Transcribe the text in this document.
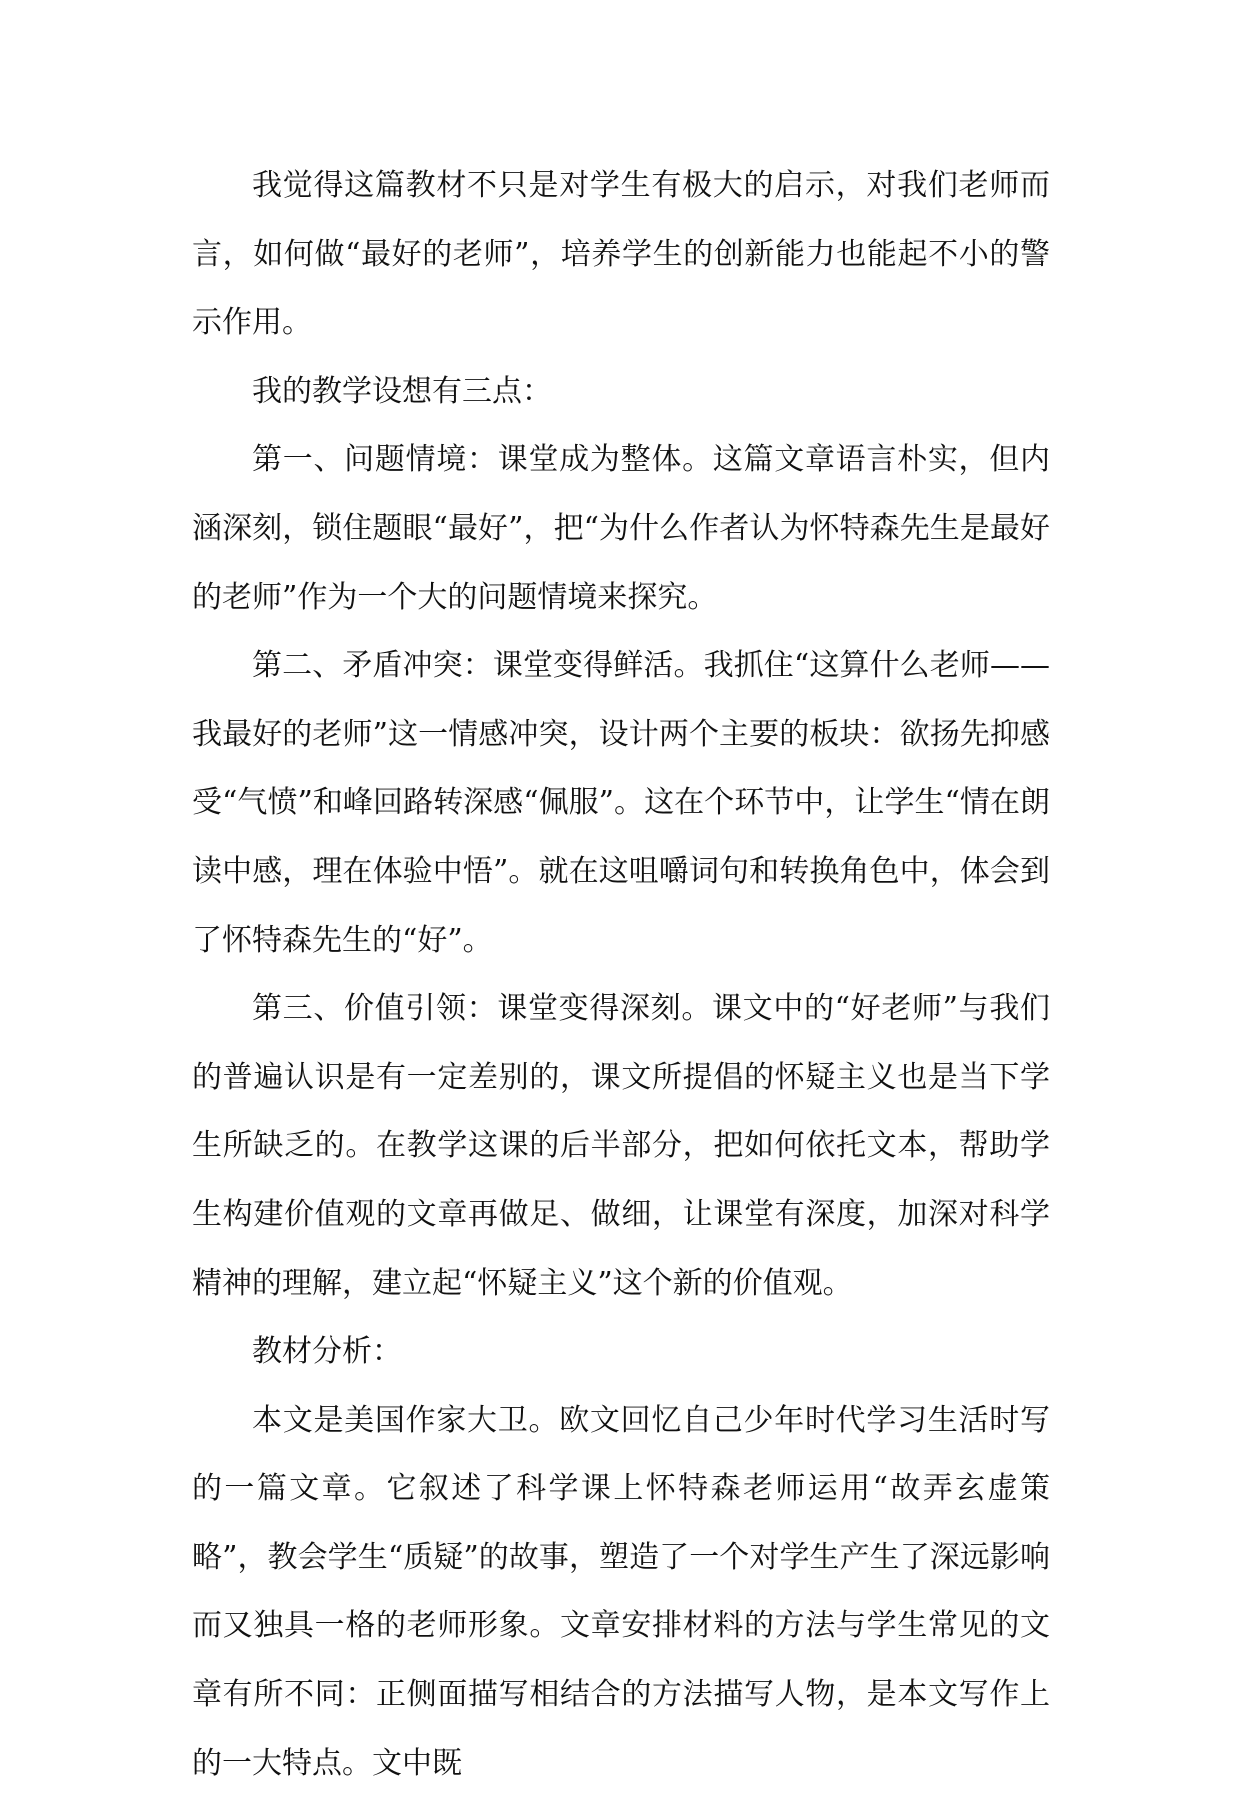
我觉得这篇教材不只是对学生有极大的启示，对我们老师而言，如何做“最好的老师”，培养学生的创新能力也能起不小的警示作用。

我的教学设想有三点：

第一、问题情境：课堂成为整体。这篇文章语言朴实，但内涵深刻，锁住题眼“最好”，把“为什么作者认为怀特森先生是最好的老师”作为一个大的问题情境来探究。

第二、矛盾冲突：课堂变得鲜活。我抓住“这算什么老师——我最好的老师”这一情感冲突，设计两个主要的板块：欲扬先抑感受“气愤”和峰回路转深感“佩服”。这在个环节中，让学生“情在朗读中感，理在体验中悟”。就在这咀嚼词句和转换角色中，体会到了怀特森先生的“好”。

第三、价值引领：课堂变得深刻。课文中的“好老师”与我们的普遍认识是有一定差别的，课文所提倡的怀疑主义也是当下学生所缺乏的。在教学这课的后半部分，把如何依托文本，帮助学生构建价值观的文章再做足、做细，让课堂有深度，加深对科学精神的理解，建立起“怀疑主义”这个新的价值观。

教材分析：

本文是美国作家大卫。欧文回忆自己少年时代学习生活时写的一篇文章。它叙述了科学课上怀特森老师运用“故弄玄虚策略”，教会学生“质疑”的故事，塑造了一个对学生产生了深远影响而又独具一格的老师形象。文章安排材料的方法与学生常见的文章有所不同：正侧面描写相结合的方法描写人物，是本文写作上的一大特点。文中既
